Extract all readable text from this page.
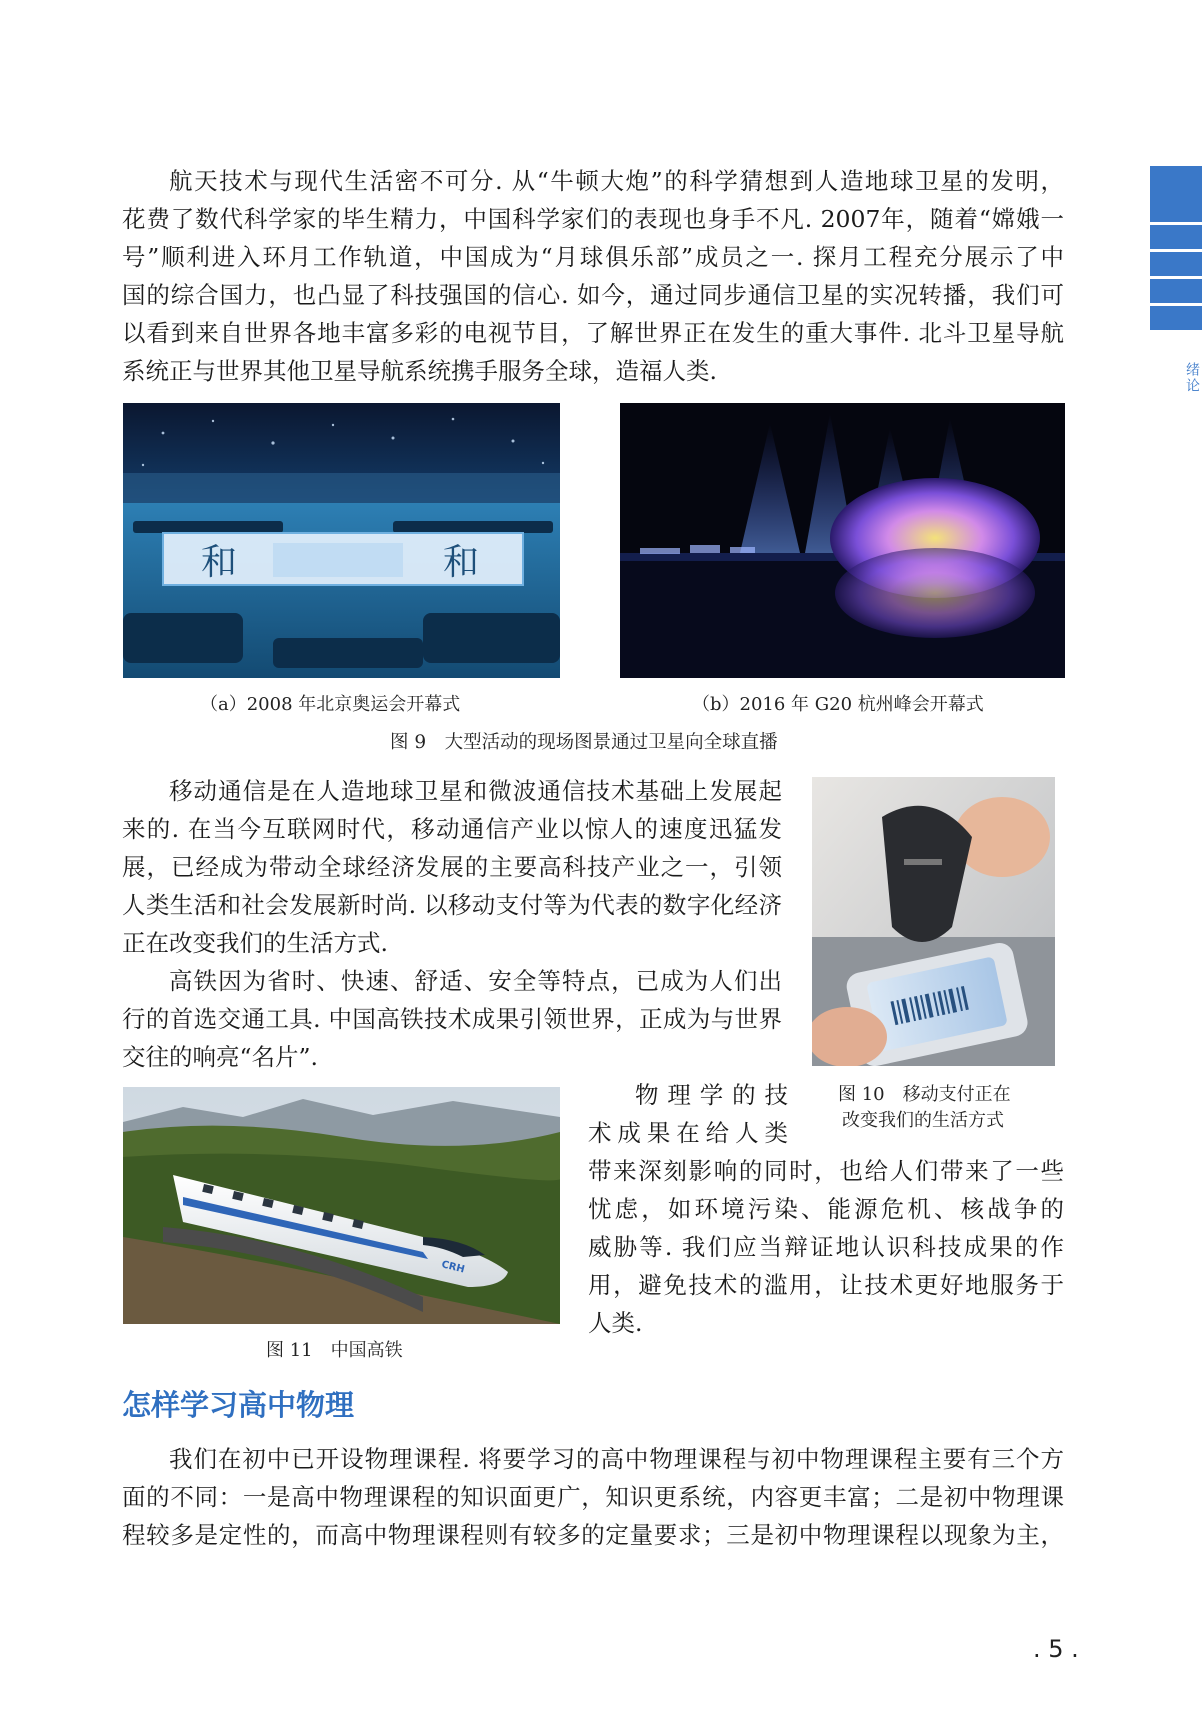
绪论
航天技术与现代生活密不可分. 从“牛顿大炮”的科学猜想到人造地球卫星的发明，
花费了数代科学家的毕生精力，中国科学家们的表现也身手不凡. 2007年，随着“嫦娥一
号”顺利进入环月工作轨道，中国成为“月球俱乐部”成员之一. 探月工程充分展示了中
国的综合国力，也凸显了科技强国的信心. 如今，通过同步通信卫星的实况转播，我们可
以看到来自世界各地丰富多彩的电视节目，了解世界正在发生的重大事件. 北斗卫星导航
系统正与世界其他卫星导航系统携手服务全球，造福人类.
和	和
（a）2008 年北京奥运会开幕式	（b）2016 年 G20 杭州峰会开幕式
图 9　大型活动的现场图景通过卫星向全球直播
移动通信是在人造地球卫星和微波通信技术基础上发展起
来的. 在当今互联网时代，移动通信产业以惊人的速度迅猛发
展，已经成为带动全球经济发展的主要高科技产业之一，引领
人类生活和社会发展新时尚. 以移动支付等为代表的数字化经济
正在改变我们的生活方式.
高铁因为省时、快速、舒适、安全等特点，已成为人们出
行的首选交通工具. 中国高铁技术成果引领世界，正成为与世界
交往的响亮“名片”.
图 10　移动支付正在
改变我们的生活方式
CRH
图 11　中国高铁
物理学的技
术成果在给人类
带来深刻影响的同时，也给人们带来了一些
忧虑，如环境污染、能源危机、核战争的
威胁等. 我们应当辩证地认识科技成果的作
用，避免技术的滥用，让技术更好地服务于
人类.
怎样学习高中物理
我们在初中已开设物理课程. 将要学习的高中物理课程与初中物理课程主要有三个方
面的不同：一是高中物理课程的知识面更广，知识更系统，内容更丰富；二是初中物理课
程较多是定性的，而高中物理课程则有较多的定量要求；三是初中物理课程以现象为主，
. 5 .
